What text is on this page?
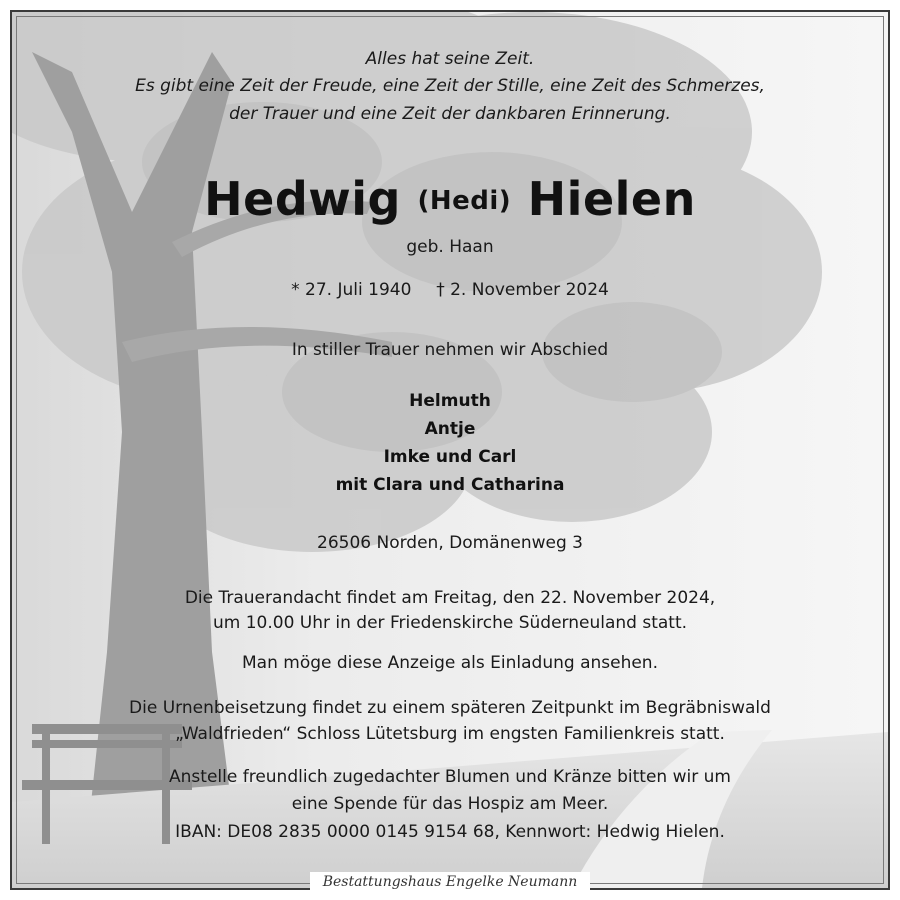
Alles hat seine Zeit.
Es gibt eine Zeit der Freude, eine Zeit der Stille, eine Zeit des Schmerzes,
der Trauer und eine Zeit der dankbaren Erinnerung.
Hedwig (Hedi) Hielen
geb. Haan
* 27. Juli 1940 † 2. November 2024
In stiller Trauer nehmen wir Abschied
Helmuth
Antje
Imke und Carl
mit Clara und Catharina
26506 Norden, Domänenweg 3
Die Trauerandacht findet am Freitag, den 22. November 2024,
um 10.00 Uhr in der Friedenskirche Süderneuland statt.
Man möge diese Anzeige als Einladung ansehen.
Die Urnenbeisetzung findet zu einem späteren Zeitpunkt im Begräbniswald
„Waldfrieden“ Schloss Lütetsburg im engsten Familienkreis statt.
Anstelle freundlich zugedachter Blumen und Kränze bitten wir um
eine Spende für das Hospiz am Meer.
IBAN: DE08 2835 0000 0145 9154 68, Kennwort: Hedwig Hielen.
Bestattungshaus Engelke Neumann
